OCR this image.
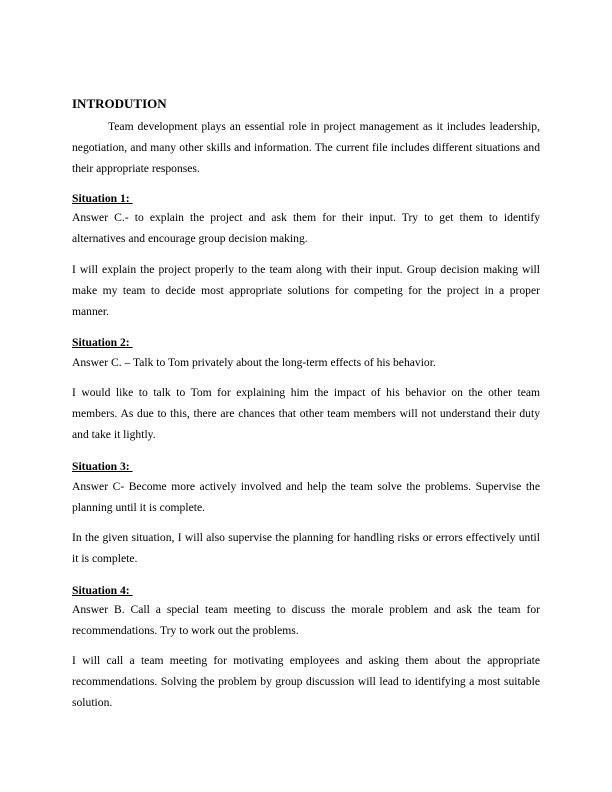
INTRODUTION
Team development plays an essential role in project management as it includes leadership, negotiation, and many other skills and information. The current file includes different situations and their appropriate responses.
Situation 1:
Answer C.- to explain the project and ask them for their input. Try to get them to identify alternatives and encourage group decision making.
I will explain the project properly to the team along with their input. Group decision making will make my team to decide most appropriate solutions for competing for the project in a proper manner.
Situation 2:
Answer C. – Talk to Tom privately about the long-term effects of his behavior.
I would like to talk to Tom for explaining him the impact of his behavior on the other team members. As due to this, there are chances that other team members will not understand their duty and take it lightly.
Situation 3:
Answer C- Become more actively involved and help the team solve the problems. Supervise the planning until it is complete.
In the given situation, I will also supervise the planning for handling risks or errors effectively until it is complete.
Situation 4:
Answer B. Call a special team meeting to discuss the morale problem and ask the team for recommendations. Try to work out the problems.
I will call a team meeting for motivating employees and asking them about the appropriate recommendations. Solving the problem by group discussion will lead to identifying a most suitable solution.
